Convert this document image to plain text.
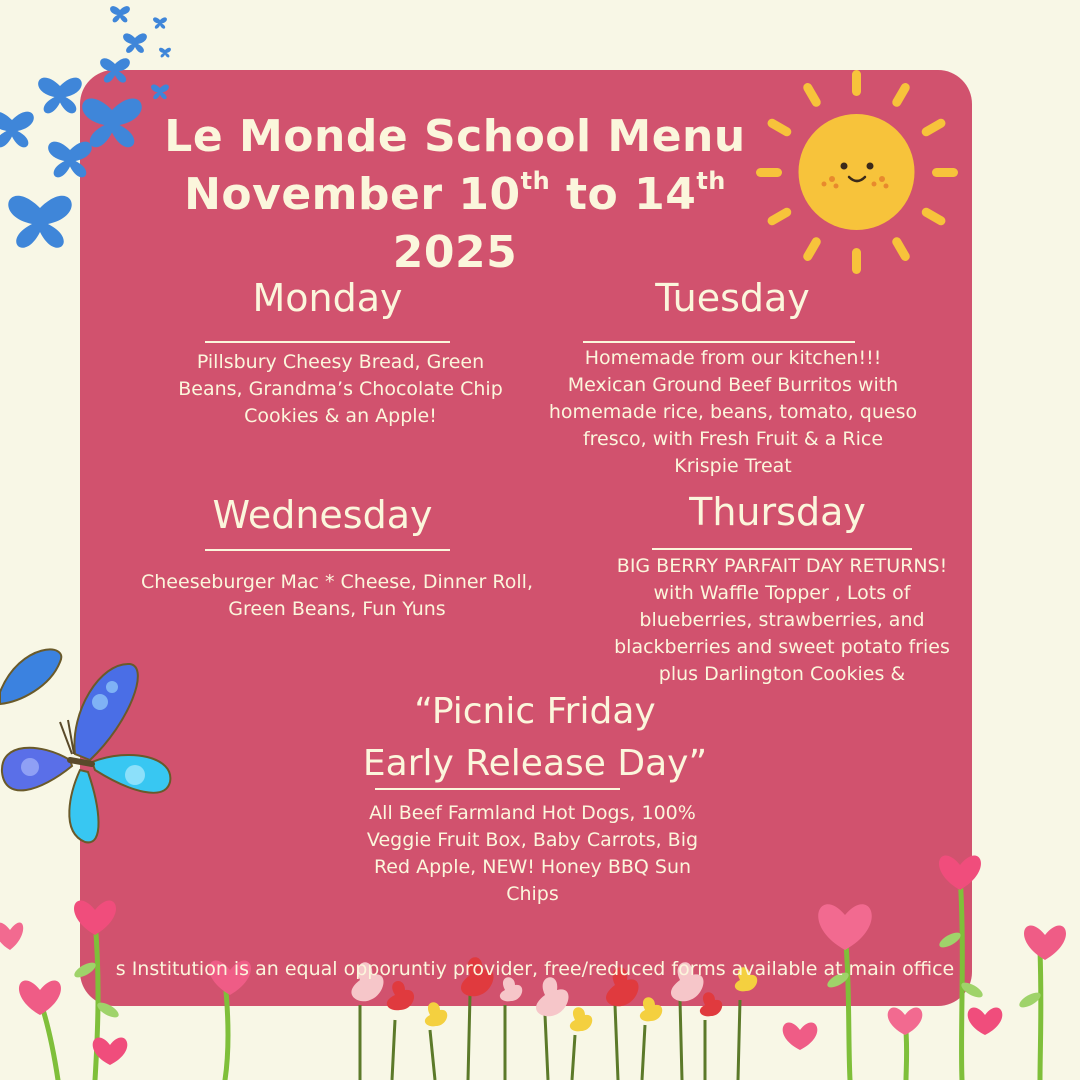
Le Monde School Menu
November 10th to 14th
2025
Monday
Pillsbury Cheesy Bread, Green Beans, Grandma’s Chocolate Chip Cookies & an Apple!
Tuesday
Homemade from our kitchen!!! Mexican Ground Beef Burritos with homemade rice, beans, tomato, queso fresco, with Fresh Fruit & a Rice Krispie Treat
Wednesday
Cheeseburger Mac * Cheese, Dinner Roll, Green Beans, Fun Yuns
Thursday
BIG BERRY PARFAIT DAY RETURNS! with Waffle Topper , Lots of blueberries, strawberries, and blackberries and sweet potato fries plus Darlington Cookies &
“Picnic Friday
Early Release Day”
All Beef Farmland Hot Dogs, 100% Veggie Fruit Box, Baby Carrots, Big Red Apple, NEW! Honey BBQ Sun Chips
s Institution is an equal opporuntiy provider, free/reduced forms available at main office
